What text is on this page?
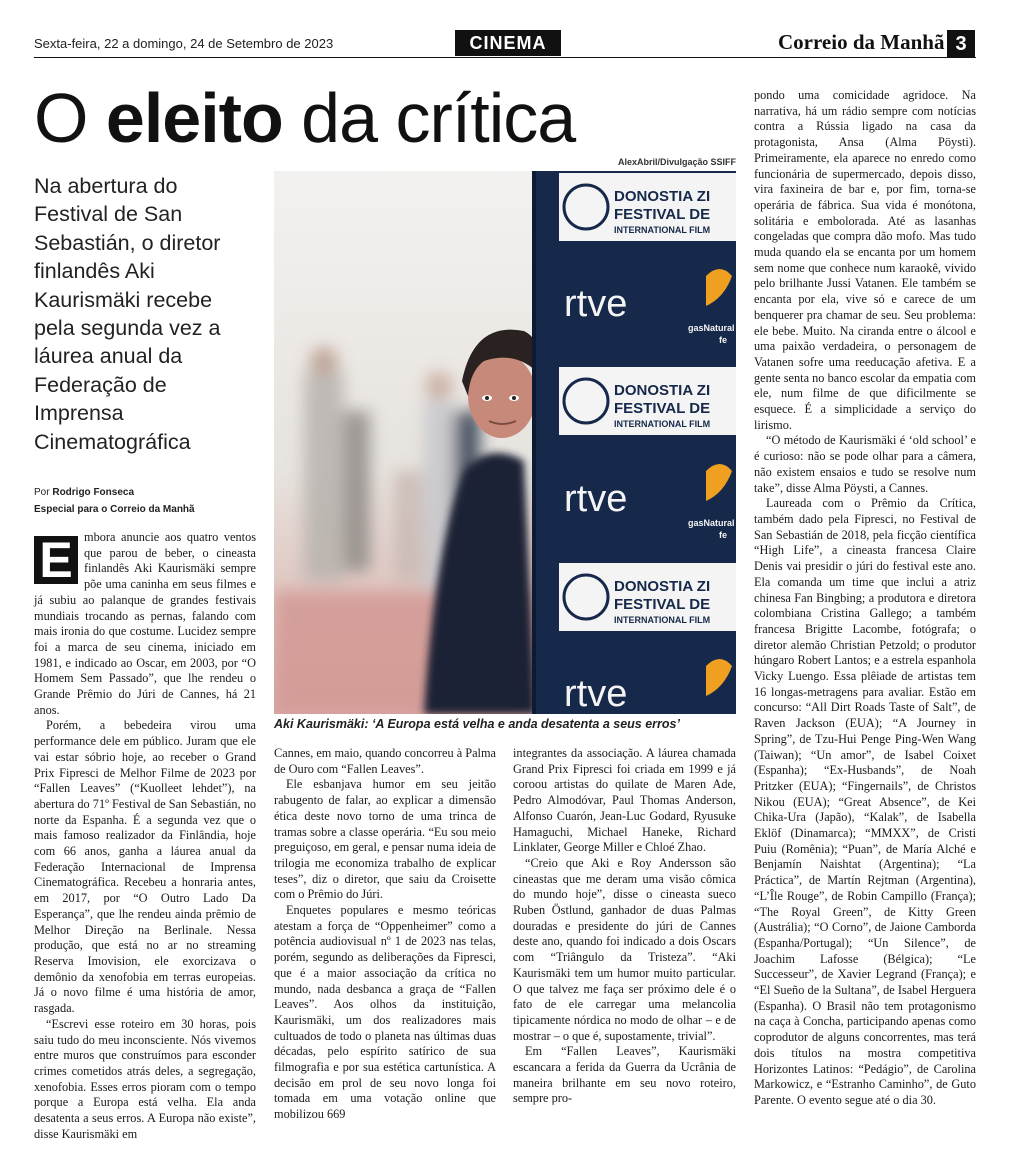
Sexta-feira, 22 a domingo, 24 de Setembro de 2023	CINEMA	Correio da Manhã 3
O eleito da crítica
Na abertura do Festival de San Sebastián, o diretor finlandês Aki Kaurismäki recebe pela segunda vez a láurea anual da Federação de Imprensa Cinematográfica
Por Rodrigo Fonseca
Especial para o Correio da Manhã
AlexAbril/Divulgação SSIFF
DONOSTIA ZI
FESTIVAL DE
INTERNATIONAL FILM
rtve
gasNatural
fe
DONOSTIA ZI
FESTIVAL DE
INTERNATIONAL FILM
rtve
gasNatural
fe
DONOSTIA ZI
FESTIVAL DE
INTERNATIONAL FILM
rtve
Aki Kaurismäki: ‘A Europa está velha e anda desatenta a seus erros’

E mbora anuncie aos quatro ventos que parou de beber, o cineasta finlandês Aki Kaurismäki sempre põe uma caninha em seus filmes e já subiu ao palanque de grandes festivais mundiais trocando as pernas, falando com mais ironia do que costume. Lucidez sempre foi a marca de seu cinema, iniciado em 1981, e indicado ao Oscar, em 2003, por “O Homem Sem Passado”, que lhe rendeu o Grande Prêmio do Júri de Cannes, há 21 anos.

Porém, a bebedeira virou uma performance dele em público. Juram que ele vai estar sóbrio hoje, ao receber o Grand Prix Fipresci de Melhor Filme de 2023 por “Fallen Leaves” (“Kuolleet lehdet”), na abertura do 71º Festival de San Sebastián, no norte da Espanha. É a segunda vez que o mais famoso realizador da Finlândia, hoje com 66 anos, ganha a láurea anual da Federação Internacional de Imprensa Cinematográfica. Recebeu a honraria antes, em 2017, por “O Outro Lado Da Esperança”, que lhe rendeu ainda prêmio de Melhor Direção na Berlinale. Nessa produção, que está no ar no streaming Reserva Imovision, ele exorcizava o demônio da xenofobia em terras europeias. Já o novo filme é uma história de amor, rasgada.

“Escrevi esse roteiro em 30 horas, pois saiu tudo do meu inconsciente. Nós vivemos entre muros que construímos para esconder crimes cometidos atrás deles, a segregação, xenofobia. Esses erros pioram com o tempo porque a Europa está velha. Ela anda desatenta a seus erros. A Europa não existe”, disse Kaurismäki em

Cannes, em maio, quando concorreu à Palma de Ouro com “Fallen Leaves”.

Ele esbanjava humor em seu jeitão rabugento de falar, ao explicar a dimensão ética deste novo torno de uma trinca de tramas sobre a classe operária. “Eu sou meio preguiçoso, em geral, e pensar numa ideia de trilogia me economiza trabalho de explicar teses”, diz o diretor, que saiu da Croisette com o Prêmio do Júri.

Enquetes populares e mesmo teóricas atestam a força de “Oppenheimer” como a potência audiovisual nº 1 de 2023 nas telas, porém, segundo as deliberações da Fipresci, que é a maior associação da crítica no mundo, nada desbanca a graça de “Fallen Leaves”. Aos olhos da instituição, Kaurismäki, um dos realizadores mais cultuados de todo o planeta nas últimas duas décadas, pelo espírito satírico de sua filmografia e por sua estética cartunística. A decisão em prol de seu novo longa foi tomada em uma votação online que mobilizou 669

integrantes da associação. A láurea chamada Grand Prix Fipresci foi criada em 1999 e já coroou artistas do quilate de Maren Ade, Pedro Almodóvar, Paul Thomas Anderson, Alfonso Cuarón, Jean-Luc Godard, Ryusuke Hamaguchi, Michael Haneke, Richard Linklater, George Miller e Chloé Zhao.

“Creio que Aki e Roy Andersson são cineastas que me deram uma visão cômica do mundo hoje”, disse o cineasta sueco Ruben Östlund, ganhador de duas Palmas douradas e presidente do júri de Cannes deste ano, quando foi indicado a dois Oscars com “Triângulo da Tristeza”. “Aki Kaurismäki tem um humor muito particular. O que talvez me faça ser próximo dele é o fato de ele carregar uma melancolia tipicamente nórdica no modo de olhar – e de mostrar – o que é, supostamente, trivial”.

Em “Fallen Leaves”, Kaurismäki escancara a ferida da Guerra da Ucrânia de maneira brilhante em seu novo roteiro, sempre pro-

pondo uma comicidade agridoce. Na narrativa, há um rádio sempre com notícias contra a Rússia ligado na casa da protagonista, Ansa (Alma Pöysti). Primeiramente, ela aparece no enredo como funcionária de supermercado, depois disso, vira faxineira de bar e, por fim, torna-se operária de fábrica. Sua vida é monótona, solitária e embolorada. Até as lasanhas congeladas que compra dão mofo. Mas tudo muda quando ela se encanta por um homem sem nome que conhece num karaokê, vivido pelo brilhante Jussi Vatanen. Ele também se encanta por ela, vive só e carece de um benquerer pra chamar de seu. Seu problema: ele bebe. Muito. Na ciranda entre o álcool e uma paixão verdadeira, o personagem de Vatanen sofre uma reeducação afetiva. E a gente senta no banco escolar da empatia com ele, num filme de que dificilmente se esquece. É a simplicidade a serviço do lirismo.

“O método de Kaurismäki é ‘old school’ e é curioso: não se pode olhar para a câmera, não existem ensaios e tudo se resolve num take”, disse Alma Pöysti, a Cannes.

Laureada com o Prêmio da Crítica, também dado pela Fipresci, no Festival de San Sebastián de 2018, pela ficção científica “High Life”, a cineasta francesa Claire Denis vai presidir o júri do festival este ano. Ela comanda um time que inclui a atriz chinesa Fan Bingbing; a produtora e diretora colombiana Cristina Gallego; a também francesa Brigitte Lacombe, fotógrafa; o diretor alemão Christian Petzold; o produtor húngaro Robert Lantos; e a estrela espanhola Vicky Luengo. Essa plêiade de artistas tem 16 longas-metragens para avaliar. Estão em concurso: “All Dirt Roads Taste of Salt”, de Raven Jackson (EUA); “A Journey in Spring”, de Tzu-Hui Penge Ping-Wen Wang (Taiwan); “Un amor”, de Isabel Coixet (Espanha); “Ex-Husbands”, de Noah Pritzker (EUA); “Fingernails”, de Christos Nikou (EUA); “Great Absence”, de Kei Chika-Ura (Japão), “Kalak”, de Isabella Eklöf (Dinamarca); “MMXX”, de Cristi Puiu (Romênia); “Puan”, de María Alché e Benjamín Naishtat (Argentina); “La Práctica”, de Martín Rejtman (Argentina), “L’Île Rouge”, de Robin Campillo (França); “The Royal Green”, de Kitty Green (Austrália); “O Corno”, de Jaione Camborda (Espanha/Portugal); “Un Silence”, de Joachim Lafosse (Bélgica); “Le Successeur”, de Xavier Legrand (França); e “El Sueño de la Sultana”, de Isabel Herguera (Espanha). O Brasil não tem protagonismo na caça à Concha, participando apenas como coprodutor de alguns concorrentes, mas terá dois títulos na mostra competitiva Horizontes Latinos: “Pedágio”, de Carolina Markowicz, e “Estranho Caminho”, de Guto Parente. O evento segue até o dia 30.
